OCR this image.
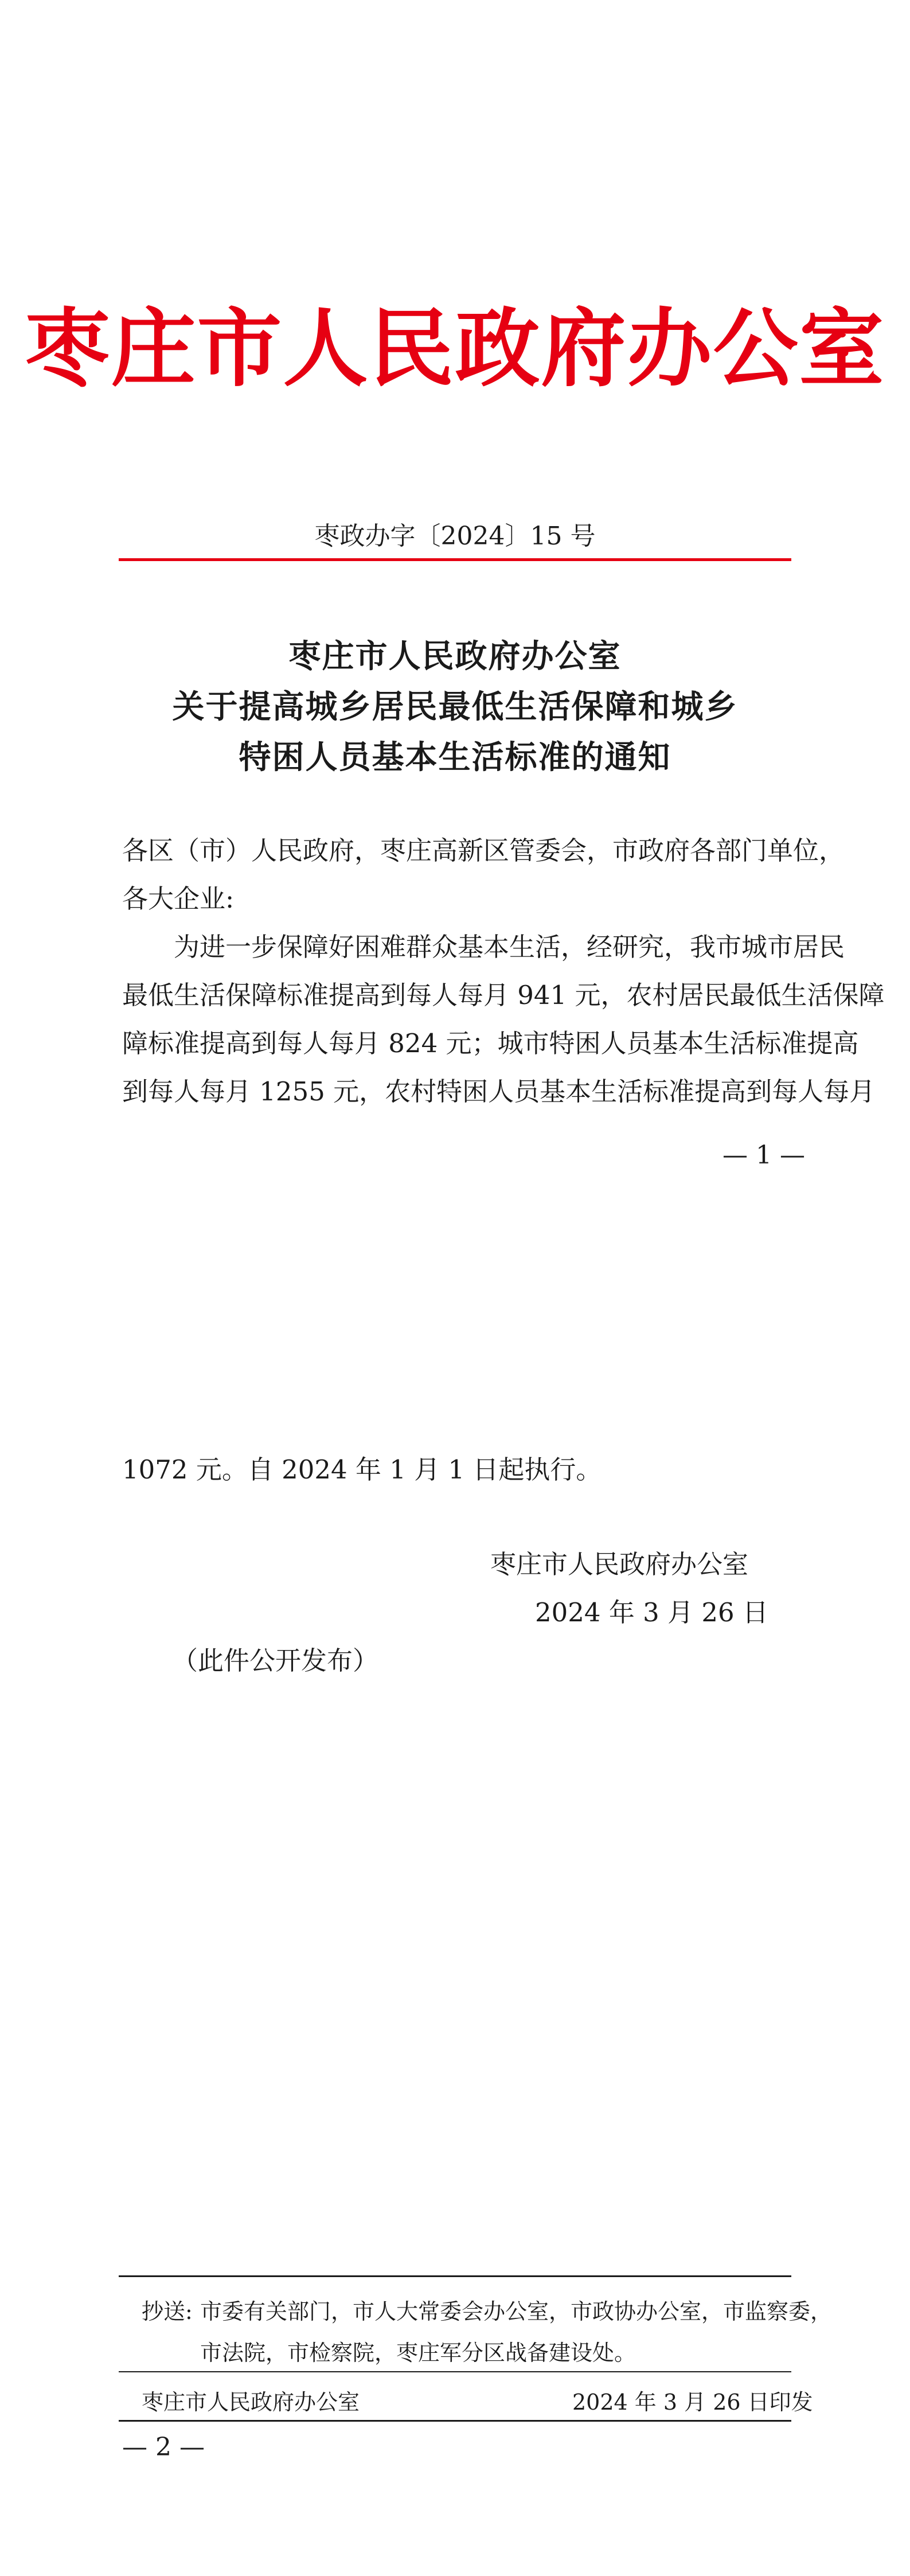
枣庄市人民政府办公室
枣政办字〔2024〕15 号
枣庄市人民政府办公室
关于提高城乡居民最低生活保障和城乡
特困人员基本生活标准的通知
各区（市）人民政府，枣庄高新区管委会，市政府各部门单位，
各大企业:
为进一步保障好困难群众基本生活，经研究，我市城市居民
最低生活保障标准提高到每人每月 941 元，农村居民最低生活保障
障标准提高到每人每月 824 元；城市特困人员基本生活标准提高
到每人每月 1255 元，农村特困人员基本生活标准提高到每人每月
— 1 —
1072 元。自 2024 年 1 月 1 日起执行。
枣庄市人民政府办公室
2024 年 3 月 26 日
（此件公开发布）
抄送: 市委有关部门，市人大常委会办公室，市政协办公室，市监察委，
市法院，市检察院，枣庄军分区战备建设处。
枣庄市人民政府办公室	2024 年 3 月 26 日印发
— 2 —
